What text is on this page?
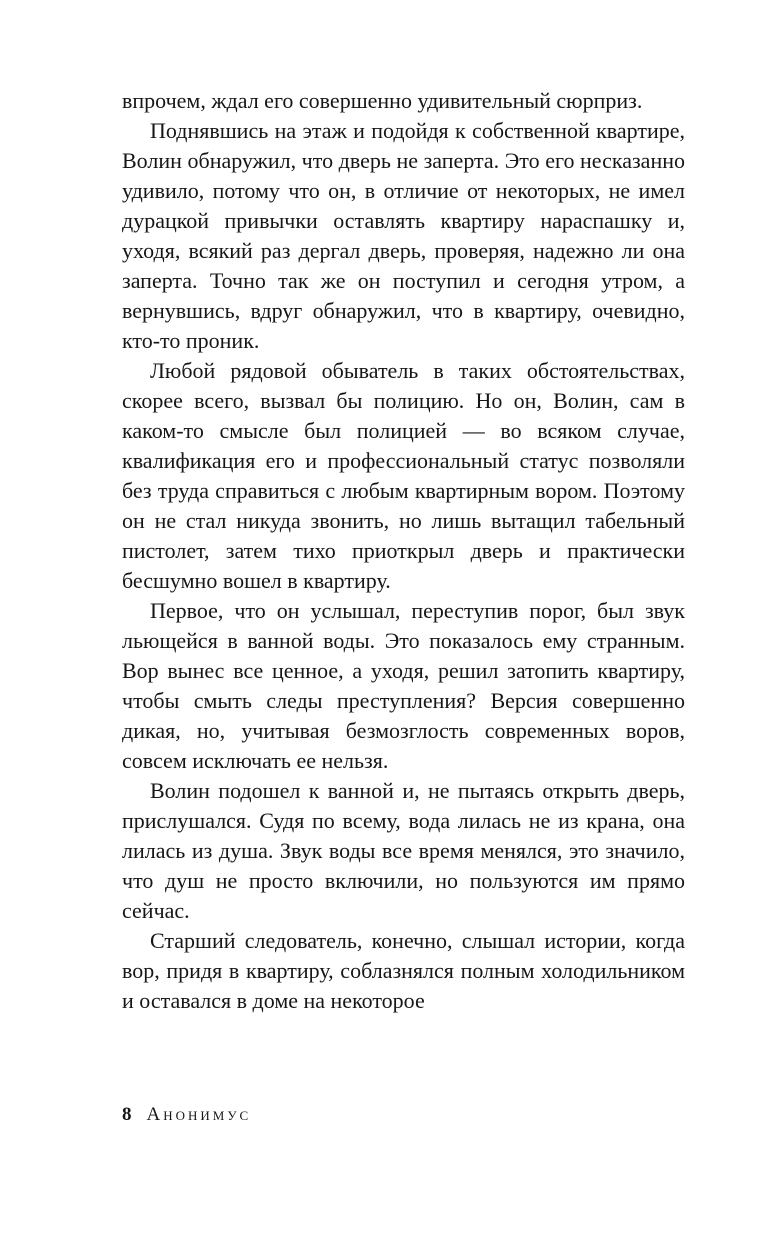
впрочем, ждал его совершенно удивительный сюрприз.

Поднявшись на этаж и подойдя к собственной квартире, Волин обнаружил, что дверь не заперта. Это его несказанно удивило, потому что он, в отличие от некоторых, не имел дурацкой привычки оставлять квартиру нараспашку и, уходя, всякий раз дергал дверь, проверяя, надежно ли она заперта. Точно так же он поступил и сегодня утром, а вернувшись, вдруг обнаружил, что в квартиру, очевидно, кто-то проник.

Любой рядовой обыватель в таких обстоятельствах, скорее всего, вызвал бы полицию. Но он, Волин, сам в каком-то смысле был полицией — во всяком случае, квалификация его и профессиональный статус позволяли без труда справиться с любым квартирным вором. Поэтому он не стал никуда звонить, но лишь вытащил табельный пистолет, затем тихо приоткрыл дверь и практически бесшумно вошел в квартиру.

Первое, что он услышал, переступив порог, был звук льющейся в ванной воды. Это показалось ему странным. Вор вынес все ценное, а уходя, решил затопить квартиру, чтобы смыть следы преступления? Версия совершенно дикая, но, учитывая безмозглость современных воров, совсем исключать ее нельзя.

Волин подошел к ванной и, не пытаясь открыть дверь, прислушался. Судя по всему, вода лилась не из крана, она лилась из душа. Звук воды все время менялся, это значило, что душ не просто включили, но пользуются им прямо сейчас.

Старший следователь, конечно, слышал истории, когда вор, придя в квартиру, соблазнялся полным холодильником и оставался в доме на некоторое

8 Анонимус
